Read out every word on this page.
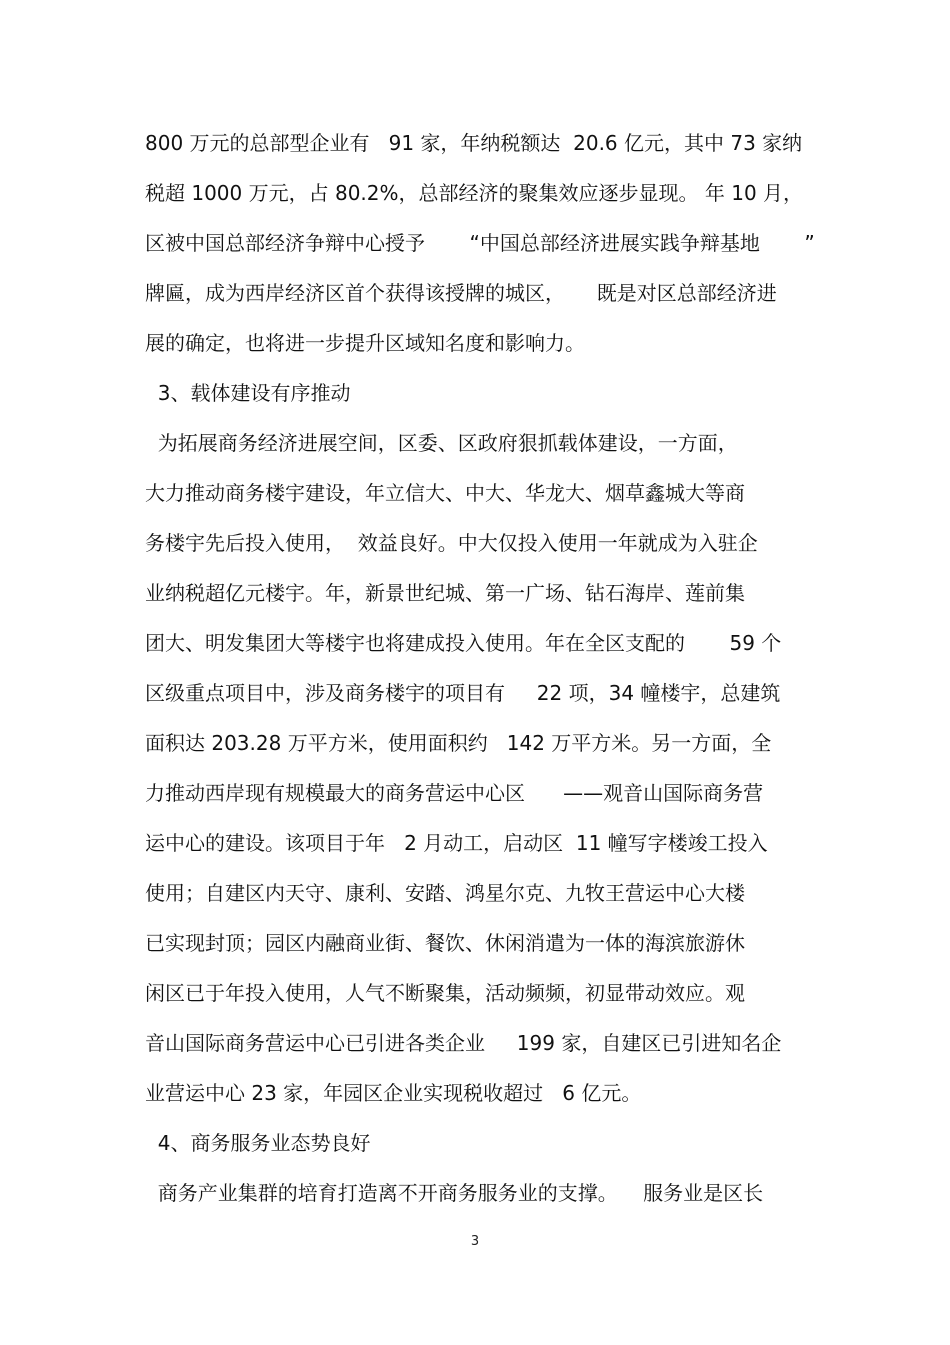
800 万元的总部型企业有   91 家，年纳税额达  20.6 亿元，其中 73 家纳
税超 1000 万元，占 80.2%，总部经济的聚集效应逐步显现。 年 10 月，
区被中国总部经济争辩中心授予       “中国总部经济进展实践争辩基地       ”
牌匾，成为西岸经济区首个获得该授牌的城区，     既是对区总部经济进
展的确定，也将进一步提升区域知名度和影响力。
3、载体建设有序推动
为拓展商务经济进展空间，区委、区政府狠抓载体建设，一方面，
大力推动商务楼宇建设，年立信大、中大、华龙大、烟草鑫城大等商
务楼宇先后投入使用，  效益良好。中大仅投入使用一年就成为入驻企
业纳税超亿元楼宇。年，新景世纪城、第一广场、钻石海岸、莲前集
团大、明发集团大等楼宇也将建成投入使用。年在全区支配的       59 个
区级重点项目中，涉及商务楼宇的项目有     22 项，34 幢楼宇，总建筑
面积达 203.28 万平方米，使用面积约   142 万平方米。另一方面，全
力推动西岸现有规模最大的商务营运中心区      ——观音山国际商务营
运中心的建设。该项目于年   2 月动工，启动区  11 幢写字楼竣工投入
使用；自建区内天守、康利、安踏、鸿星尔克、九牧王营运中心大楼
已实现封顶；园区内融商业街、餐饮、休闲消遣为一体的海滨旅游休
闲区已于年投入使用，人气不断聚集，活动频频，初显带动效应。观
音山国际商务营运中心已引进各类企业     199 家，自建区已引进知名企
业营运中心 23 家，年园区企业实现税收超过   6 亿元。
4、商务服务业态势良好
商务产业集群的培育打造离不开商务服务业的支撑。    服务业是区长
3
